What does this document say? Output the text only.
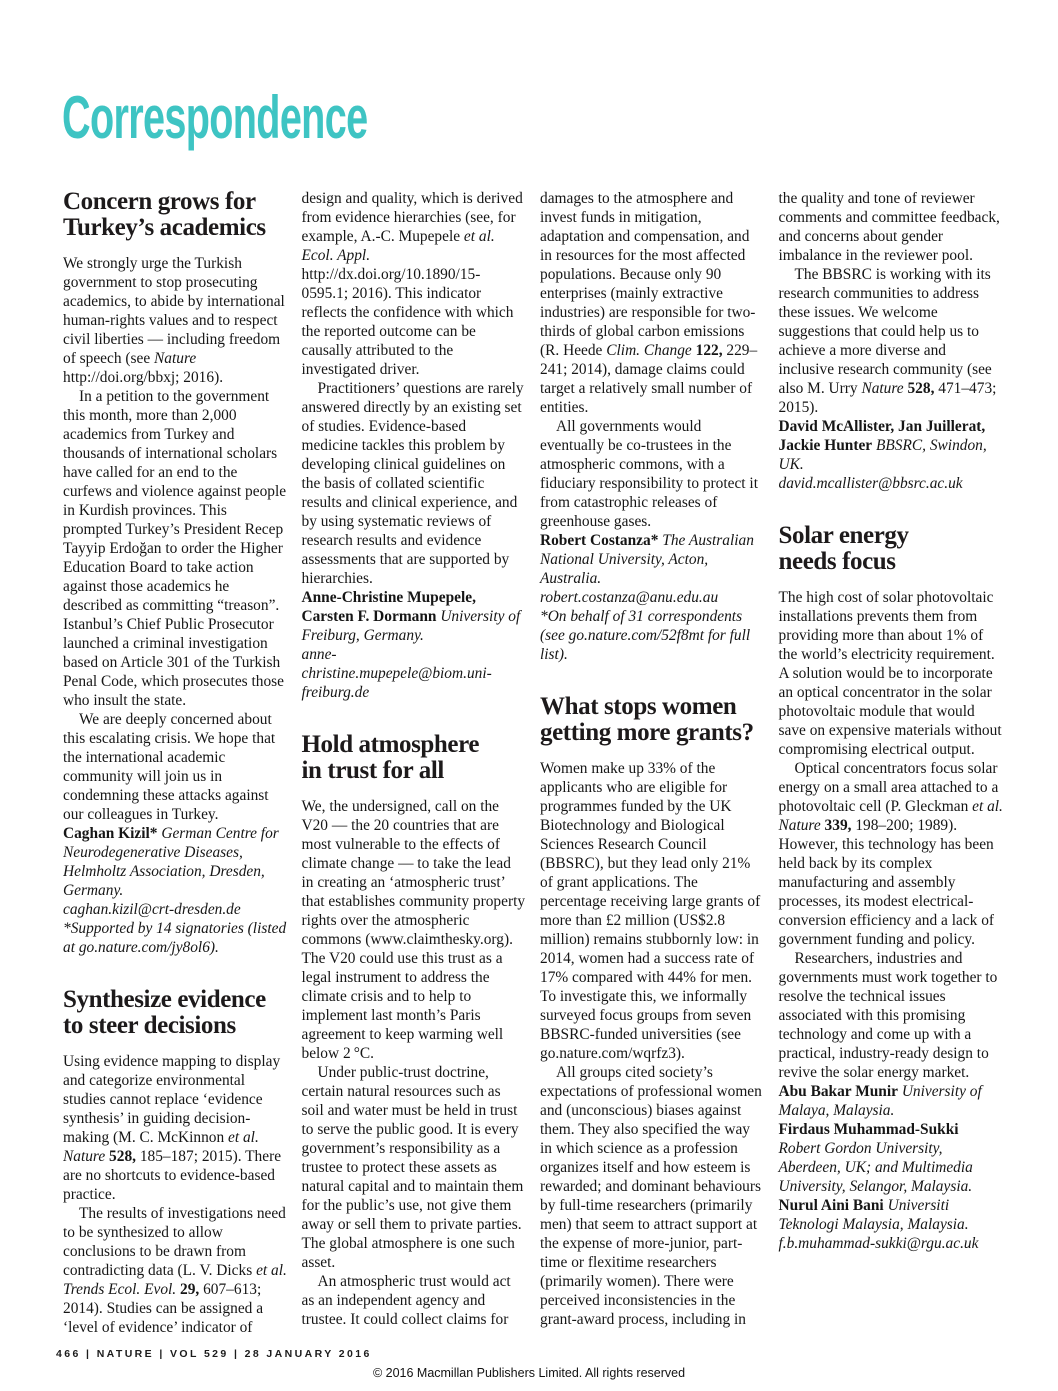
Correspondence
Concern grows for
Turkey’s academics

We strongly urge the Turkish government to stop prosecuting academics, to abide by international human-rights values and to respect civil liberties — including freedom of speech (see Nature http://doi.org/bbxj; 2016).

In a petition to the government this month, more than 2,000 academics from Turkey and thousands of international scholars have called for an end to the curfews and violence against people in Kurdish provinces. This prompted Turkey’s President Recep Tayyip Erdoğan to order the Higher Education Board to take action against those academics he described as committing “treason”. Istanbul’s Chief Public Prosecutor launched a criminal investigation based on Article 301 of the Turkish Penal Code, which prosecutes those who insult the state.

We are deeply concerned about this escalating crisis. We hope that the international academic community will join us in condemning these attacks against our colleagues in Turkey.

Caghan Kizil* German Centre for Neurodegenerative Diseases, Helmholtz Association, Dresden, Germany.
caghan.kizil@crt-dresden.de
*Supported by 14 signatories (listed at go.nature.com/jy8ol6).
Synthesize evidence
to steer decisions

Using evidence mapping to display and categorize environmental studies cannot replace ‘evidence synthesis’ in guiding decision-making (M. C. McKinnon et al. Nature 528, 185–187; 2015). There are no shortcuts to evidence-based practice.

The results of investigations need to be synthesized to allow conclusions to be drawn from contradicting data (L. V. Dicks et al. Trends Ecol. Evol. 29, 607–613; 2014). Studies can be assigned a ‘level of evidence’ indicator of design and quality, which is derived from evidence hierarchies (see, for example, A.-C. Mupepele et al. Ecol. Appl. http://dx.doi.org/10.1890/15-0595.1; 2016). This indicator reflects the confidence with which the reported outcome can be causally attributed to the investigated driver.

Practitioners’ questions are rarely answered directly by an existing set of studies. Evidence-based medicine tackles this problem by developing clinical guidelines on the basis of collated scientific results and clinical experience, and by using systematic reviews of research results and evidence assessments that are supported by hierarchies.

Anne-Christine Mupepele, Carsten F. Dormann University of Freiburg, Germany.
anne-christine.mupepele@biom.uni-freiburg.de
Hold atmosphere
in trust for all

We, the undersigned, call on the V20 — the 20 countries that are most vulnerable to the effects of climate change — to take the lead in creating an ‘atmospheric trust’ that establishes community property rights over the atmospheric commons (www.claimthesky.org). The V20 could use this trust as a legal instrument to address the climate crisis and to help to implement last month’s Paris agreement to keep warming well below 2 °C.

Under public-trust doctrine, certain natural resources such as soil and water must be held in trust to serve the public good. It is every government’s responsibility as a trustee to protect these assets as natural capital and to maintain them for the public’s use, not give them away or sell them to private parties. The global atmosphere is one such asset.

An atmospheric trust would act as an independent agency and trustee. It could collect claims for damages to the atmosphere and invest funds in mitigation, adaptation and compensation, and in resources for the most affected populations. Because only 90 enterprises (mainly extractive industries) are responsible for two-thirds of global carbon emissions (R. Heede Clim. Change 122, 229–241; 2014), damage claims could target a relatively small number of entities.

All governments would eventually be co-trustees in the atmospheric commons, with a fiduciary responsibility to protect it from catastrophic releases of greenhouse gases.

Robert Costanza* The Australian National University, Acton, Australia.
robert.costanza@anu.edu.au
*On behalf of 31 correspondents (see go.nature.com/52f8mt for full list).
What stops women
getting more grants?

Women make up 33% of the applicants who are eligible for programmes funded by the UK Biotechnology and Biological Sciences Research Council (BBSRC), but they lead only 21% of grant applications. The percentage receiving large grants of more than £2 million (US$2.8 million) remains stubbornly low: in 2014, women had a success rate of 17% compared with 44% for men. To investigate this, we informally surveyed focus groups from seven BBSRC-funded universities (see go.nature.com/wqrfz3).

All groups cited society’s expectations of professional women and (unconscious) biases against them. They also specified the way in which science as a profession organizes itself and how esteem is rewarded; and dominant behaviours by full-time researchers (primarily men) that seem to attract support at the expense of more-junior, part-time or flexitime researchers (primarily women). There were perceived inconsistencies in the grant-award process, including in the quality and tone of reviewer comments and committee feedback, and concerns about gender imbalance in the reviewer pool.

The BBSRC is working with its research communities to address these issues. We welcome suggestions that could help us to achieve a more diverse and inclusive research community (see also M. Urry Nature 528, 471–473; 2015).

David McAllister, Jan Juillerat, Jackie Hunter BBSRC, Swindon, UK.
david.mcallister@bbsrc.ac.uk
Solar energy
needs focus

The high cost of solar photovoltaic installations prevents them from providing more than about 1% of the world’s electricity requirement. A solution would be to incorporate an optical concentrator in the solar photovoltaic module that would save on expensive materials without compromising electrical output.

Optical concentrators focus solar energy on a small area attached to a photovoltaic cell (P. Gleckman et al. Nature 339, 198–200; 1989). However, this technology has been held back by its complex manufacturing and assembly processes, its modest electrical-conversion efficiency and a lack of government funding and policy.

Researchers, industries and governments must work together to resolve the technical issues associated with this promising technology and come up with a practical, industry-ready design to revive the solar energy market.

Abu Bakar Munir University of Malaya, Malaysia.
Firdaus Muhammad-Sukki Robert Gordon University, Aberdeen, UK; and Multimedia University, Selangor, Malaysia.
Nurul Aini Bani Universiti Teknologi Malaysia, Malaysia.
f.b.muhammad-sukki@rgu.ac.uk
466 | NATURE | VOL 529 | 28 JANUARY 2016
© 2016 Macmillan Publishers Limited. All rights reserved
